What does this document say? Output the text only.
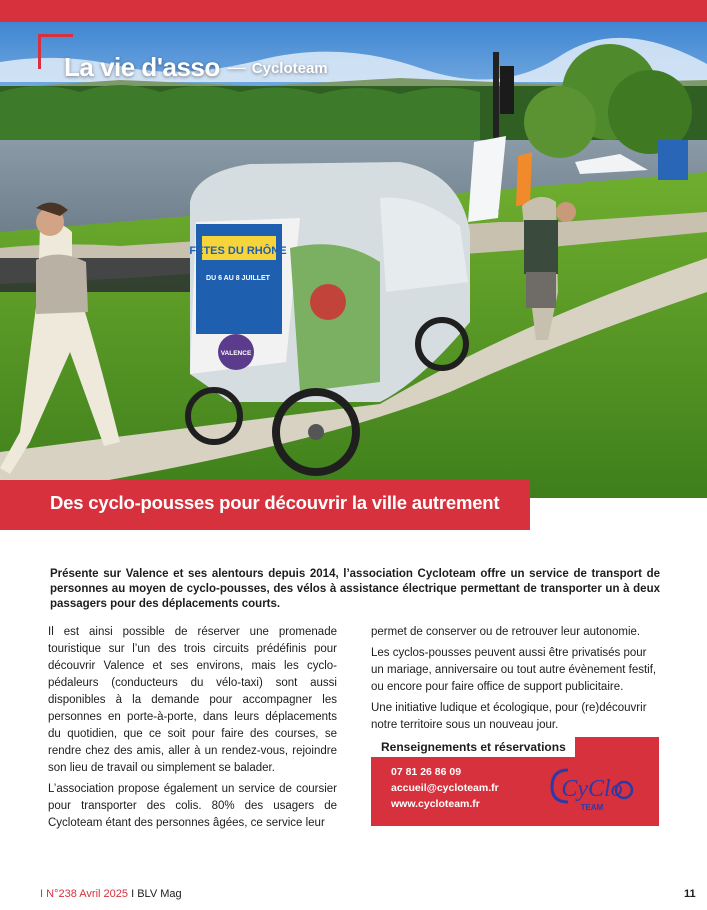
FÊTES DU RHÔNE
DU 6 AU 8 JUILLET
VALENCE
La vie d'asso — Cycloteam
Des cyclo-pousses pour découvrir la ville autrement

Présente sur Valence et ses alentours depuis 2014, l’association Cycloteam offre un service de transport de personnes au moyen de cyclo-pousses, des vélos à assistance électrique permettant de transporter un à deux passagers pour des déplacements courts.

Il est ainsi possible de réserver une promenade touristique sur l’un des trois circuits prédéfinis pour découvrir Valence et ses environs, mais les cyclo-pédaleurs (conducteurs du vélo-taxi) sont aussi disponibles à la demande pour accompagner les personnes en porte-à-porte, dans leurs déplacements du quotidien, que ce soit pour faire des courses, se rendre chez des amis, aller à un rendez-vous, rejoindre son lieu de travail ou simplement se balader.

L’association propose également un service de coursier pour transporter des colis. 80% des usagers de Cycloteam étant des personnes âgées, ce service leur

permet de conserver ou de retrouver leur autonomie.

Les cyclos-pousses peuvent aussi être privatisés pour un mariage, anniversaire ou tout autre évènement festif, ou encore pour faire office de support publicitaire.

Une initiative ludique et écologique, pour (re)découvrir notre territoire sous un nouveau jour.

Renseignements et réservations
07 81 26 86 09
accueil@cycloteam.fr
www.cycloteam.fr
CyClo
TEAM
I N°238 Avril 2025 I BLV Mag	11
